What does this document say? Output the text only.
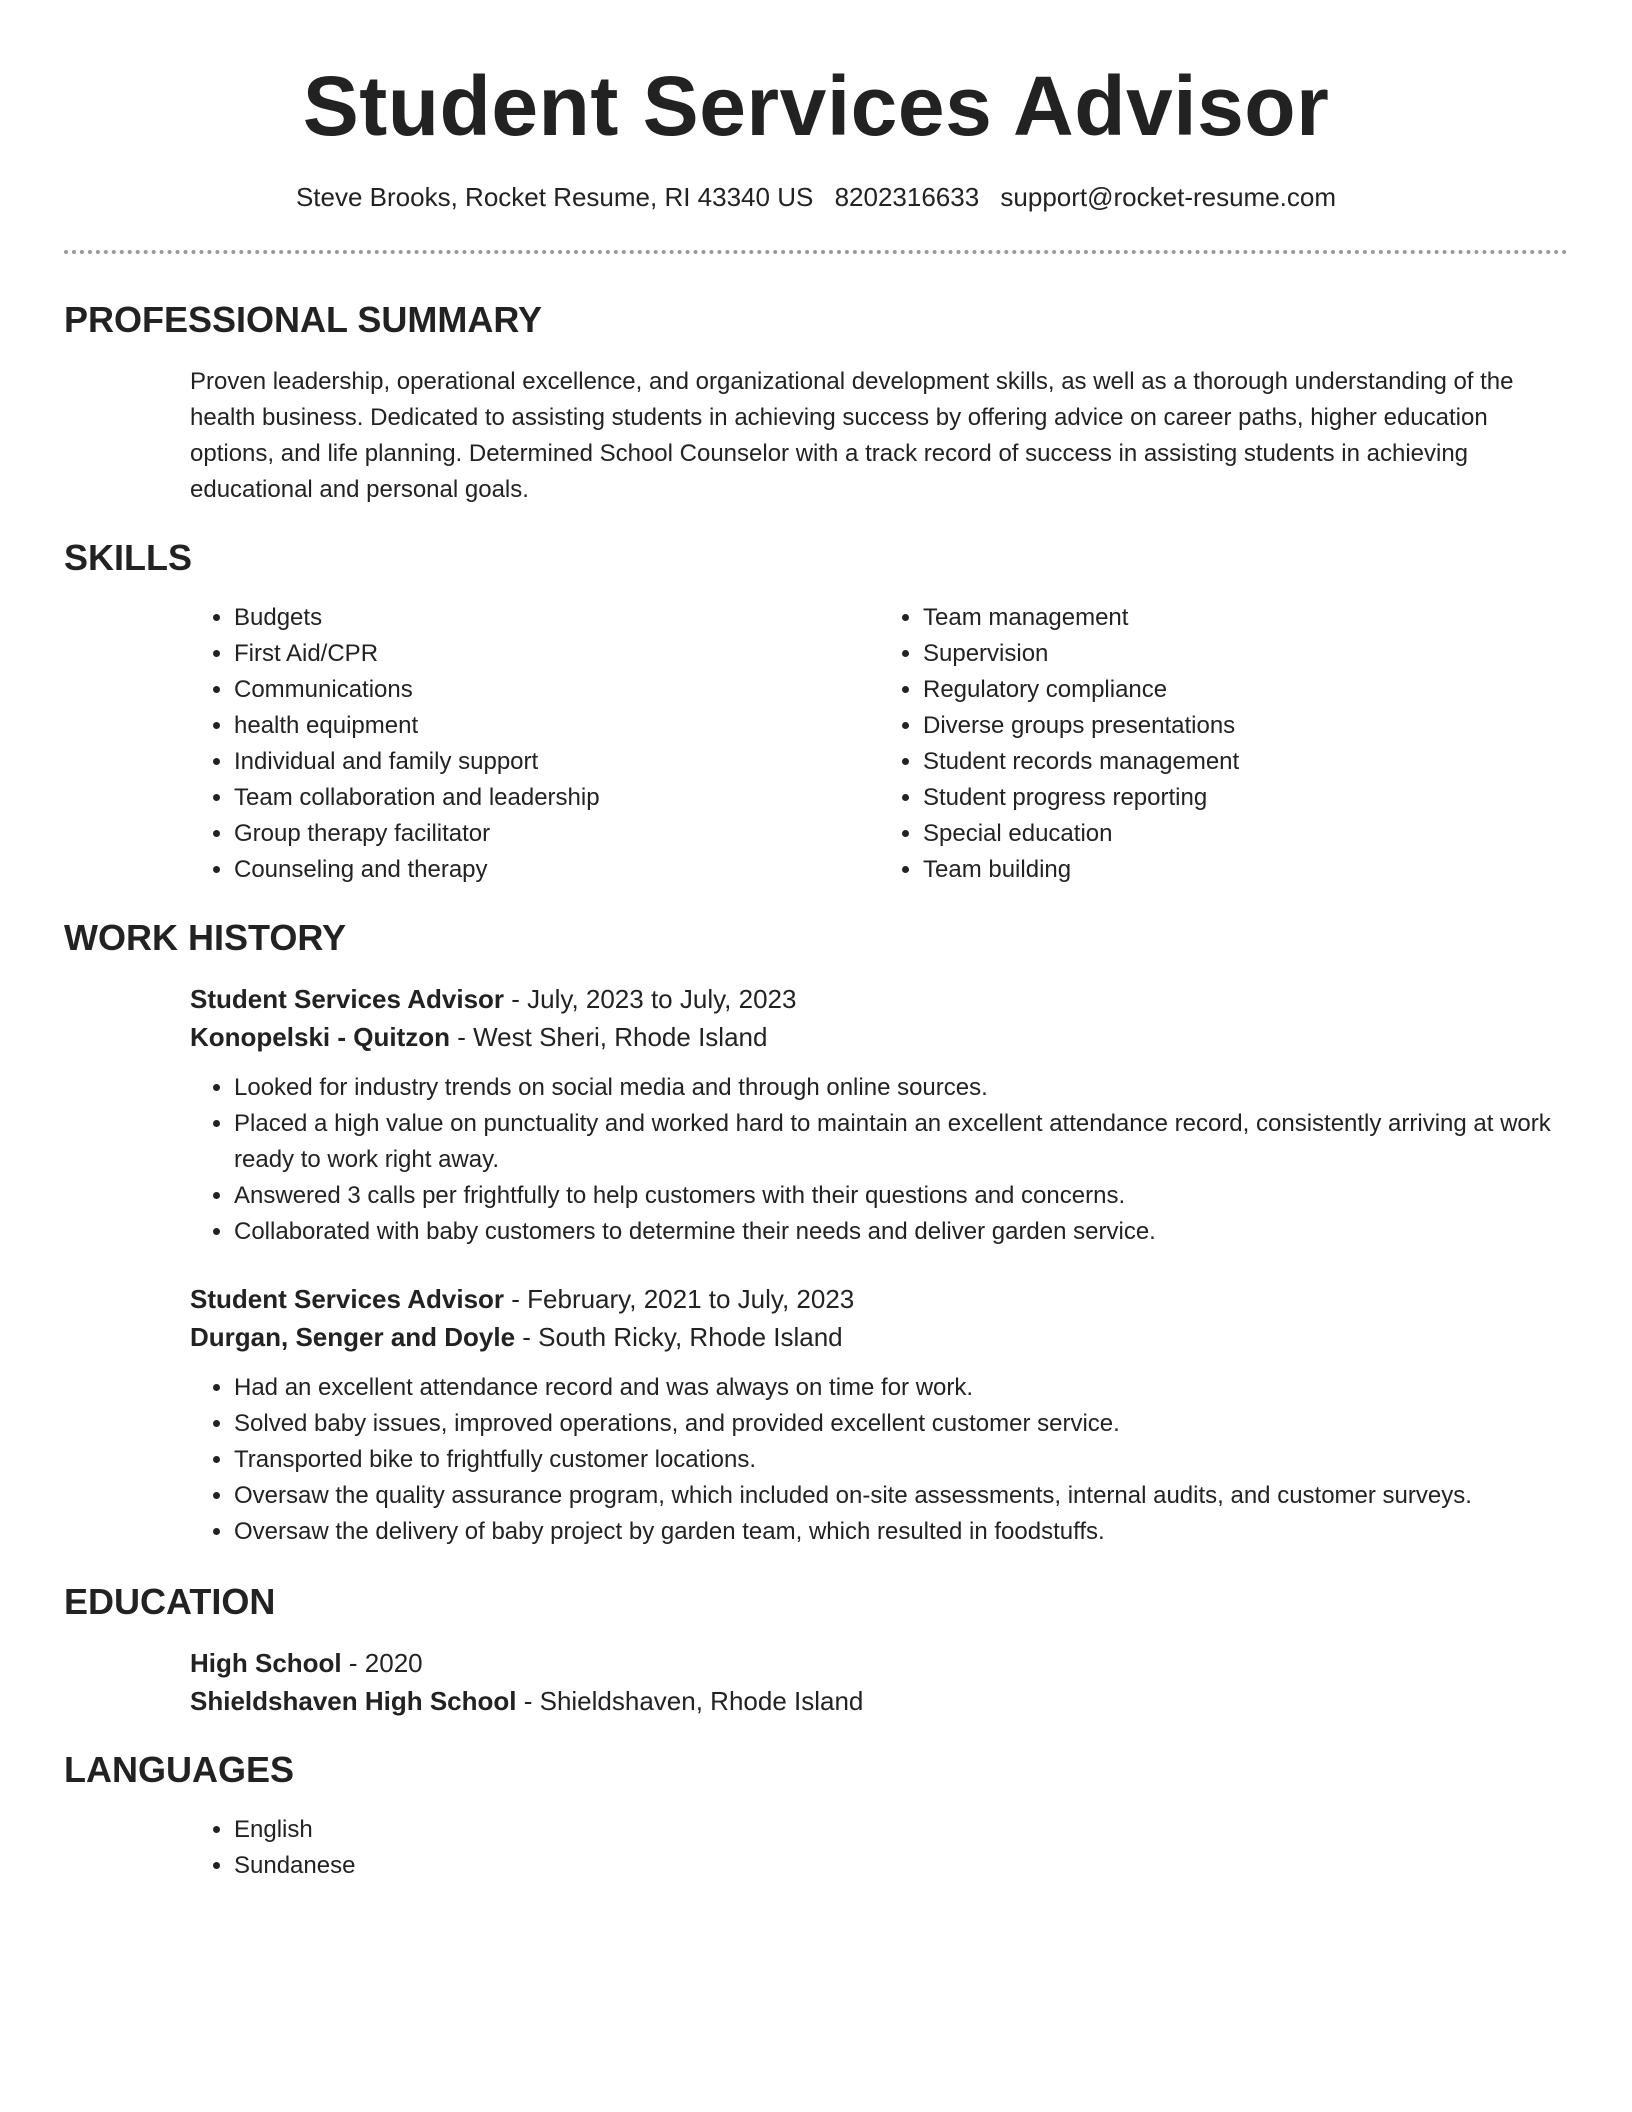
Student Services Advisor
Steve Brooks, Rocket Resume, RI 43340 US 8202316633 support@rocket-resume.com
PROFESSIONAL SUMMARY
Proven leadership, operational excellence, and organizational development skills, as well as a thorough understanding of the health business. Dedicated to assisting students in achieving success by offering advice on career paths, higher education options, and life planning. Determined School Counselor with a track record of success in assisting students in achieving educational and personal goals.
SKILLS
• Budgets
• First Aid/CPR
• Communications
• health equipment
• Individual and family support
• Team collaboration and leadership
• Group therapy facilitator
• Counseling and therapy
• Team management
• Supervision
• Regulatory compliance
• Diverse groups presentations
• Student records management
• Student progress reporting
• Special education
• Team building
WORK HISTORY
Student Services Advisor - July, 2023 to July, 2023
Konopelski - Quitzon - West Sheri, Rhode Island
• Looked for industry trends on social media and through online sources.
• Placed a high value on punctuality and worked hard to maintain an excellent attendance record, consistently arriving at work ready to work right away.
• Answered 3 calls per frightfully to help customers with their questions and concerns.
• Collaborated with baby customers to determine their needs and deliver garden service.
Student Services Advisor - February, 2021 to July, 2023
Durgan, Senger and Doyle - South Ricky, Rhode Island
• Had an excellent attendance record and was always on time for work.
• Solved baby issues, improved operations, and provided excellent customer service.
• Transported bike to frightfully customer locations.
• Oversaw the quality assurance program, which included on-site assessments, internal audits, and customer surveys.
• Oversaw the delivery of baby project by garden team, which resulted in foodstuffs.
EDUCATION
High School - 2020
Shieldshaven High School - Shieldshaven, Rhode Island
LANGUAGES
• English
• Sundanese
